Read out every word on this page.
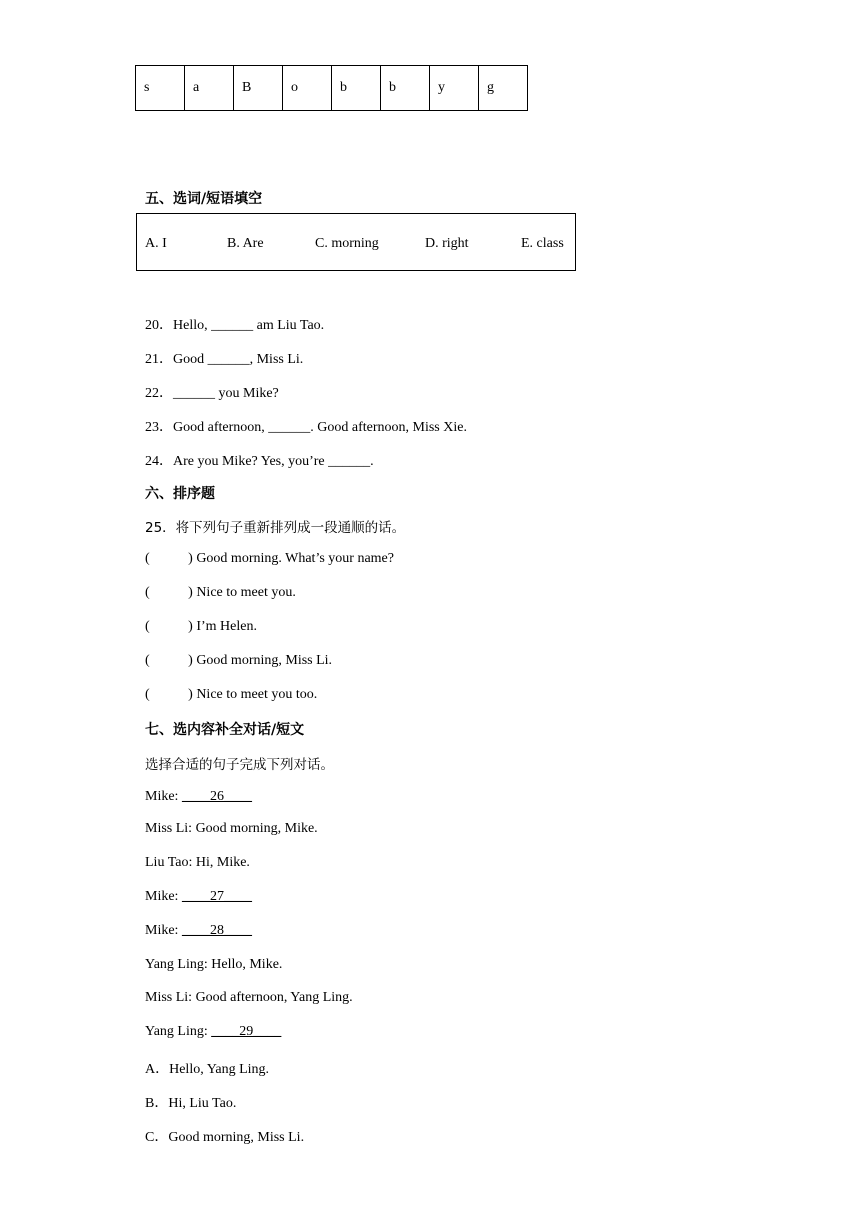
s	a	B	o	b	b	y	g
五、选词/短语填空
A. I	B. Are	C. morning	D. right	E. class
20．Hello, ______ am Liu Tao.
21．Good ______, Miss Li.
22．______ you Mike?
23．Good afternoon, ______. Good afternoon, Miss Xie.
24．Are you Mike? Yes, you’re ______.
六、排序题
25．将下列句子重新排列成一段通顺的话。
(           ) Good morning. What’s your name?
(           ) Nice to meet you.
(           ) I’m Helen.
(           ) Good morning, Miss Li.
(           ) Nice to meet you too.
七、选内容补全对话/短文
选择合适的句子完成下列对话。
Mike: ____26____
Miss Li: Good morning, Mike.
Liu Tao: Hi, Mike.
Mike: ____27____
Mike: ____28____
Yang Ling: Hello, Mike.
Miss Li: Good afternoon, Yang Ling.
Yang Ling: ____29____
A．Hello, Yang Ling.
B．Hi, Liu Tao.
C．Good morning, Miss Li.
